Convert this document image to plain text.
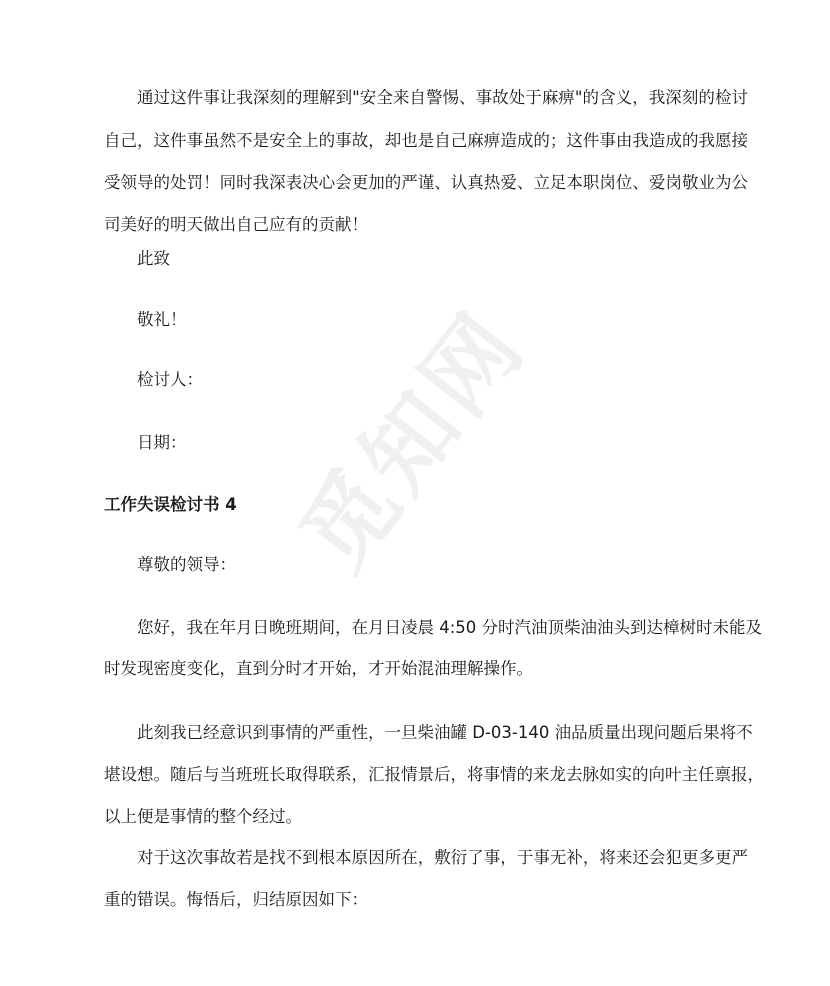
觅知网
通过这件事让我深刻的理解到"安全来自警惕、事故处于麻痹"的含义，我深刻的检讨
自己，这件事虽然不是安全上的事故，却也是自己麻痹造成的；这件事由我造成的我愿接
受领导的处罚！同时我深表决心会更加的严谨、认真热爱、立足本职岗位、爱岗敬业为公
司美好的明天做出自己应有的贡献！
此致
敬礼！
检讨人：
日期：
工作失误检讨书 4
尊敬的领导：
您好，我在年月日晚班期间，在月日凌晨 4:50 分时汽油顶柴油油头到达樟树时未能及
时发现密度变化，直到分时才开始，才开始混油理解操作。
此刻我已经意识到事情的严重性，一旦柴油罐 D-03-140 油品质量出现问题后果将不
堪设想。随后与当班班长取得联系，汇报情景后，将事情的来龙去脉如实的向叶主任禀报，
以上便是事情的整个经过。
对于这次事故若是找不到根本原因所在，敷衍了事，于事无补，将来还会犯更多更严
重的错误。悔悟后，归结原因如下：
